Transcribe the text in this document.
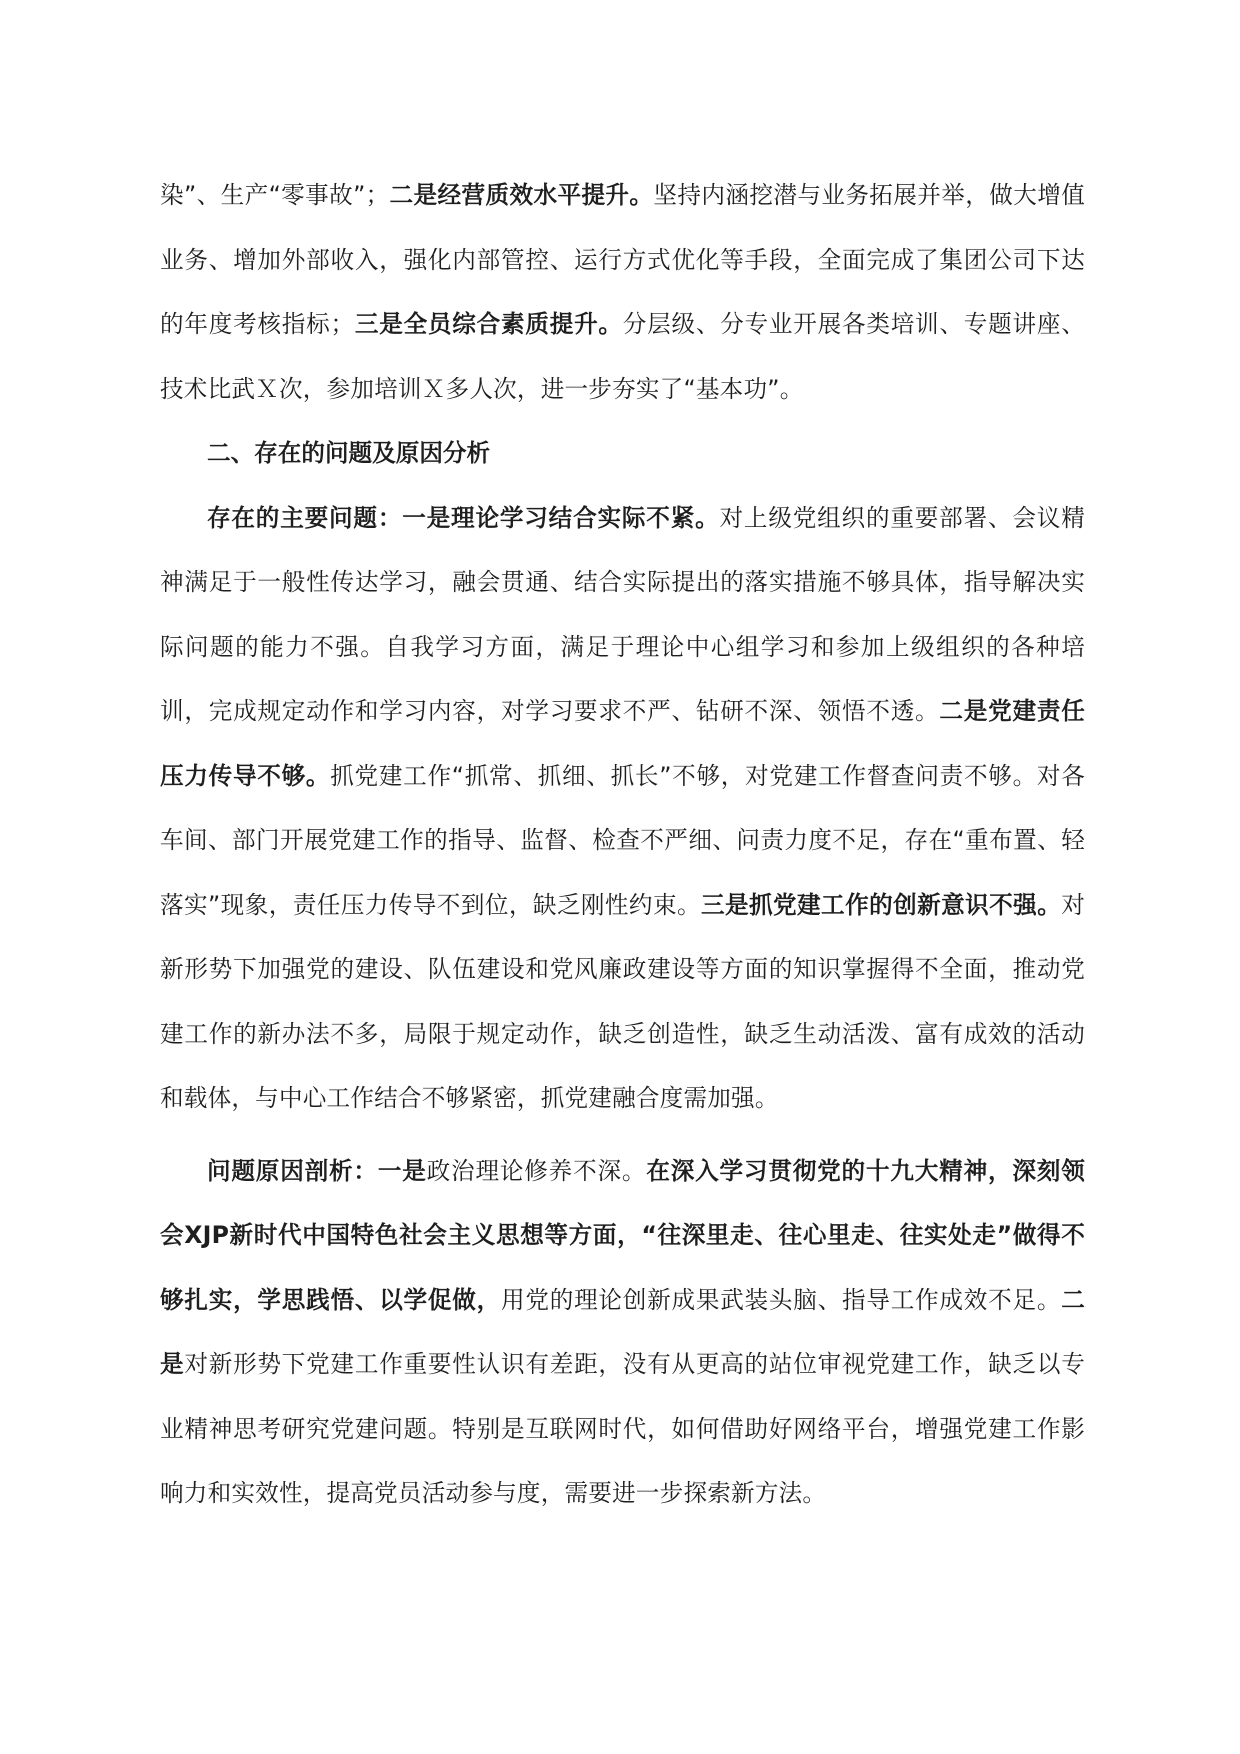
染”、生产“零事故”；二是经营质效水平提升。坚持内涵挖潜与业务拓展并举，做大增值业务、增加外部收入，强化内部管控、运行方式优化等手段，全面完成了集团公司下达的年度考核指标；三是全员综合素质提升。分层级、分专业开展各类培训、专题讲座、技术比武Ｘ次，参加培训Ｘ多人次，进一步夯实了“基本功”。

二、存在的问题及原因分析

存在的主要问题：一是理论学习结合实际不紧。对上级党组织的重要部署、会议精神满足于一般性传达学习，融会贯通、结合实际提出的落实措施不够具体，指导解决实际问题的能力不强。自我学习方面，满足于理论中心组学习和参加上级组织的各种培训，完成规定动作和学习内容，对学习要求不严、钻研不深、领悟不透。二是党建责任压力传导不够。抓党建工作“抓常、抓细、抓长”不够，对党建工作督查问责不够。对各车间、部门开展党建工作的指导、监督、检查不严细、问责力度不足，存在“重布置、轻落实”现象，责任压力传导不到位，缺乏刚性约束。三是抓党建工作的创新意识不强。对新形势下加强党的建设、队伍建设和党风廉政建设等方面的知识掌握得不全面，推动党建工作的新办法不多，局限于规定动作，缺乏创造性，缺乏生动活泼、富有成效的活动和载体，与中心工作结合不够紧密，抓党建融合度需加强。

问题原因剖析：一是政治理论修养不深。在深入学习贯彻党的十九大精神，深刻领会XJP新时代中国特色社会主义思想等方面，“往深里走、往心里走、往实处走”做得不够扎实，学思践悟、以学促做，用党的理论创新成果武装头脑、指导工作成效不足。二是对新形势下党建工作重要性认识有差距，没有从更高的站位审视党建工作，缺乏以专业精神思考研究党建问题。特别是互联网时代，如何借助好网络平台，增强党建工作影响力和实效性，提高党员活动参与度，需要进一步探索新方法。
